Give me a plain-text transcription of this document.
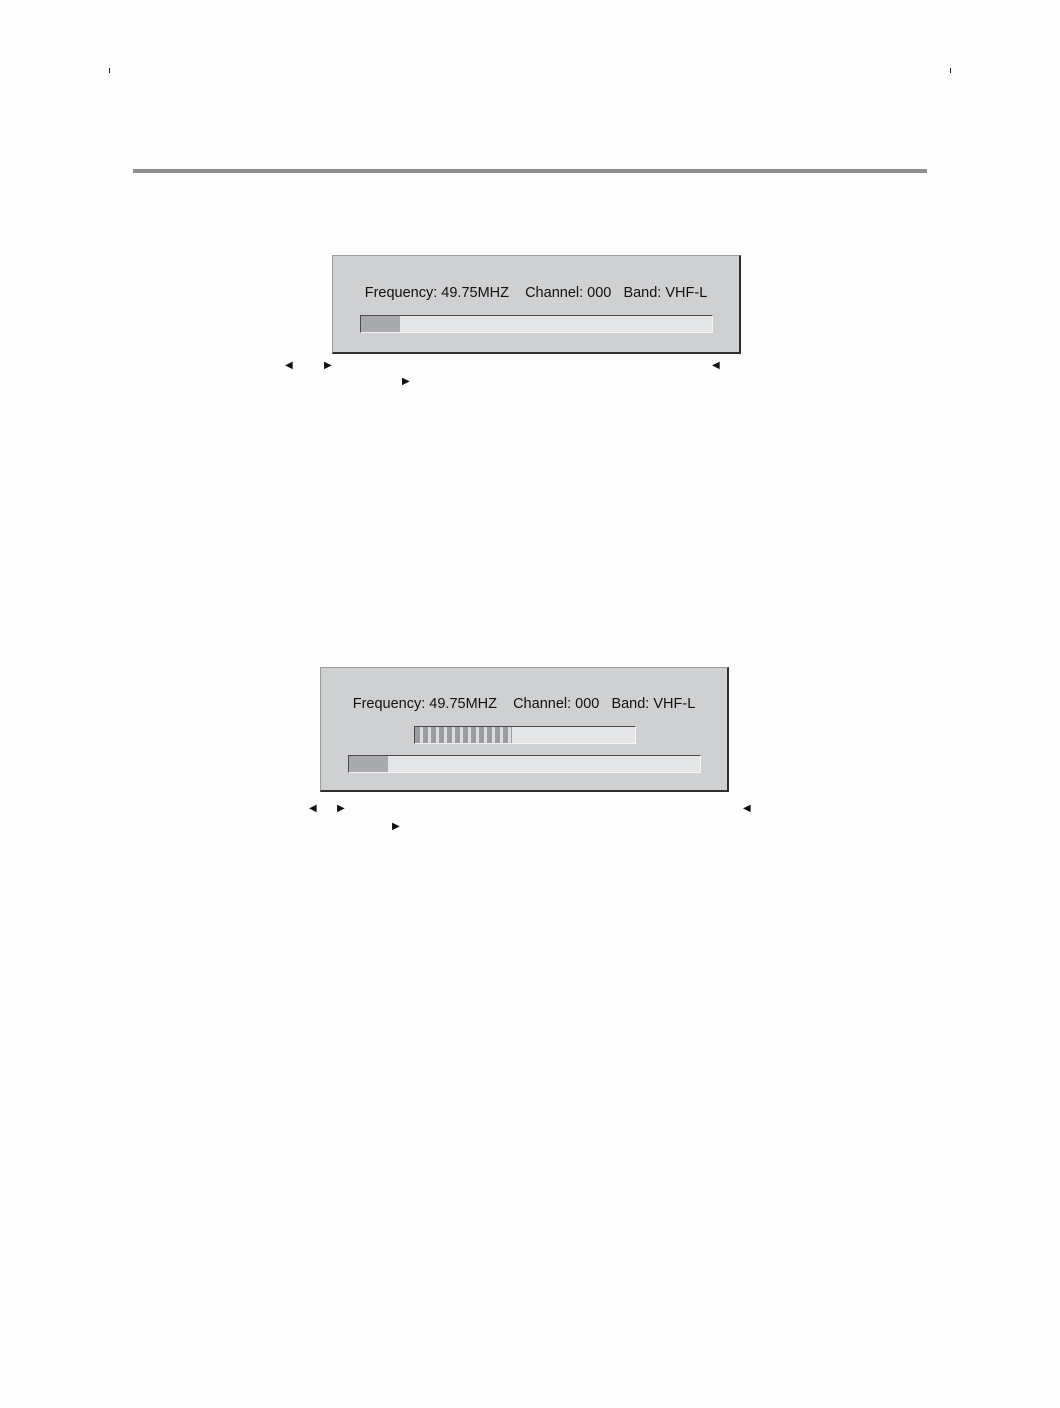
Frequency: 49.75MHZ    Channel: 000   Band: VHF-L
◀	▶	◀
▶
Frequency: 49.75MHZ    Channel: 000   Band: VHF-L
◀ ▶	◀
▶
